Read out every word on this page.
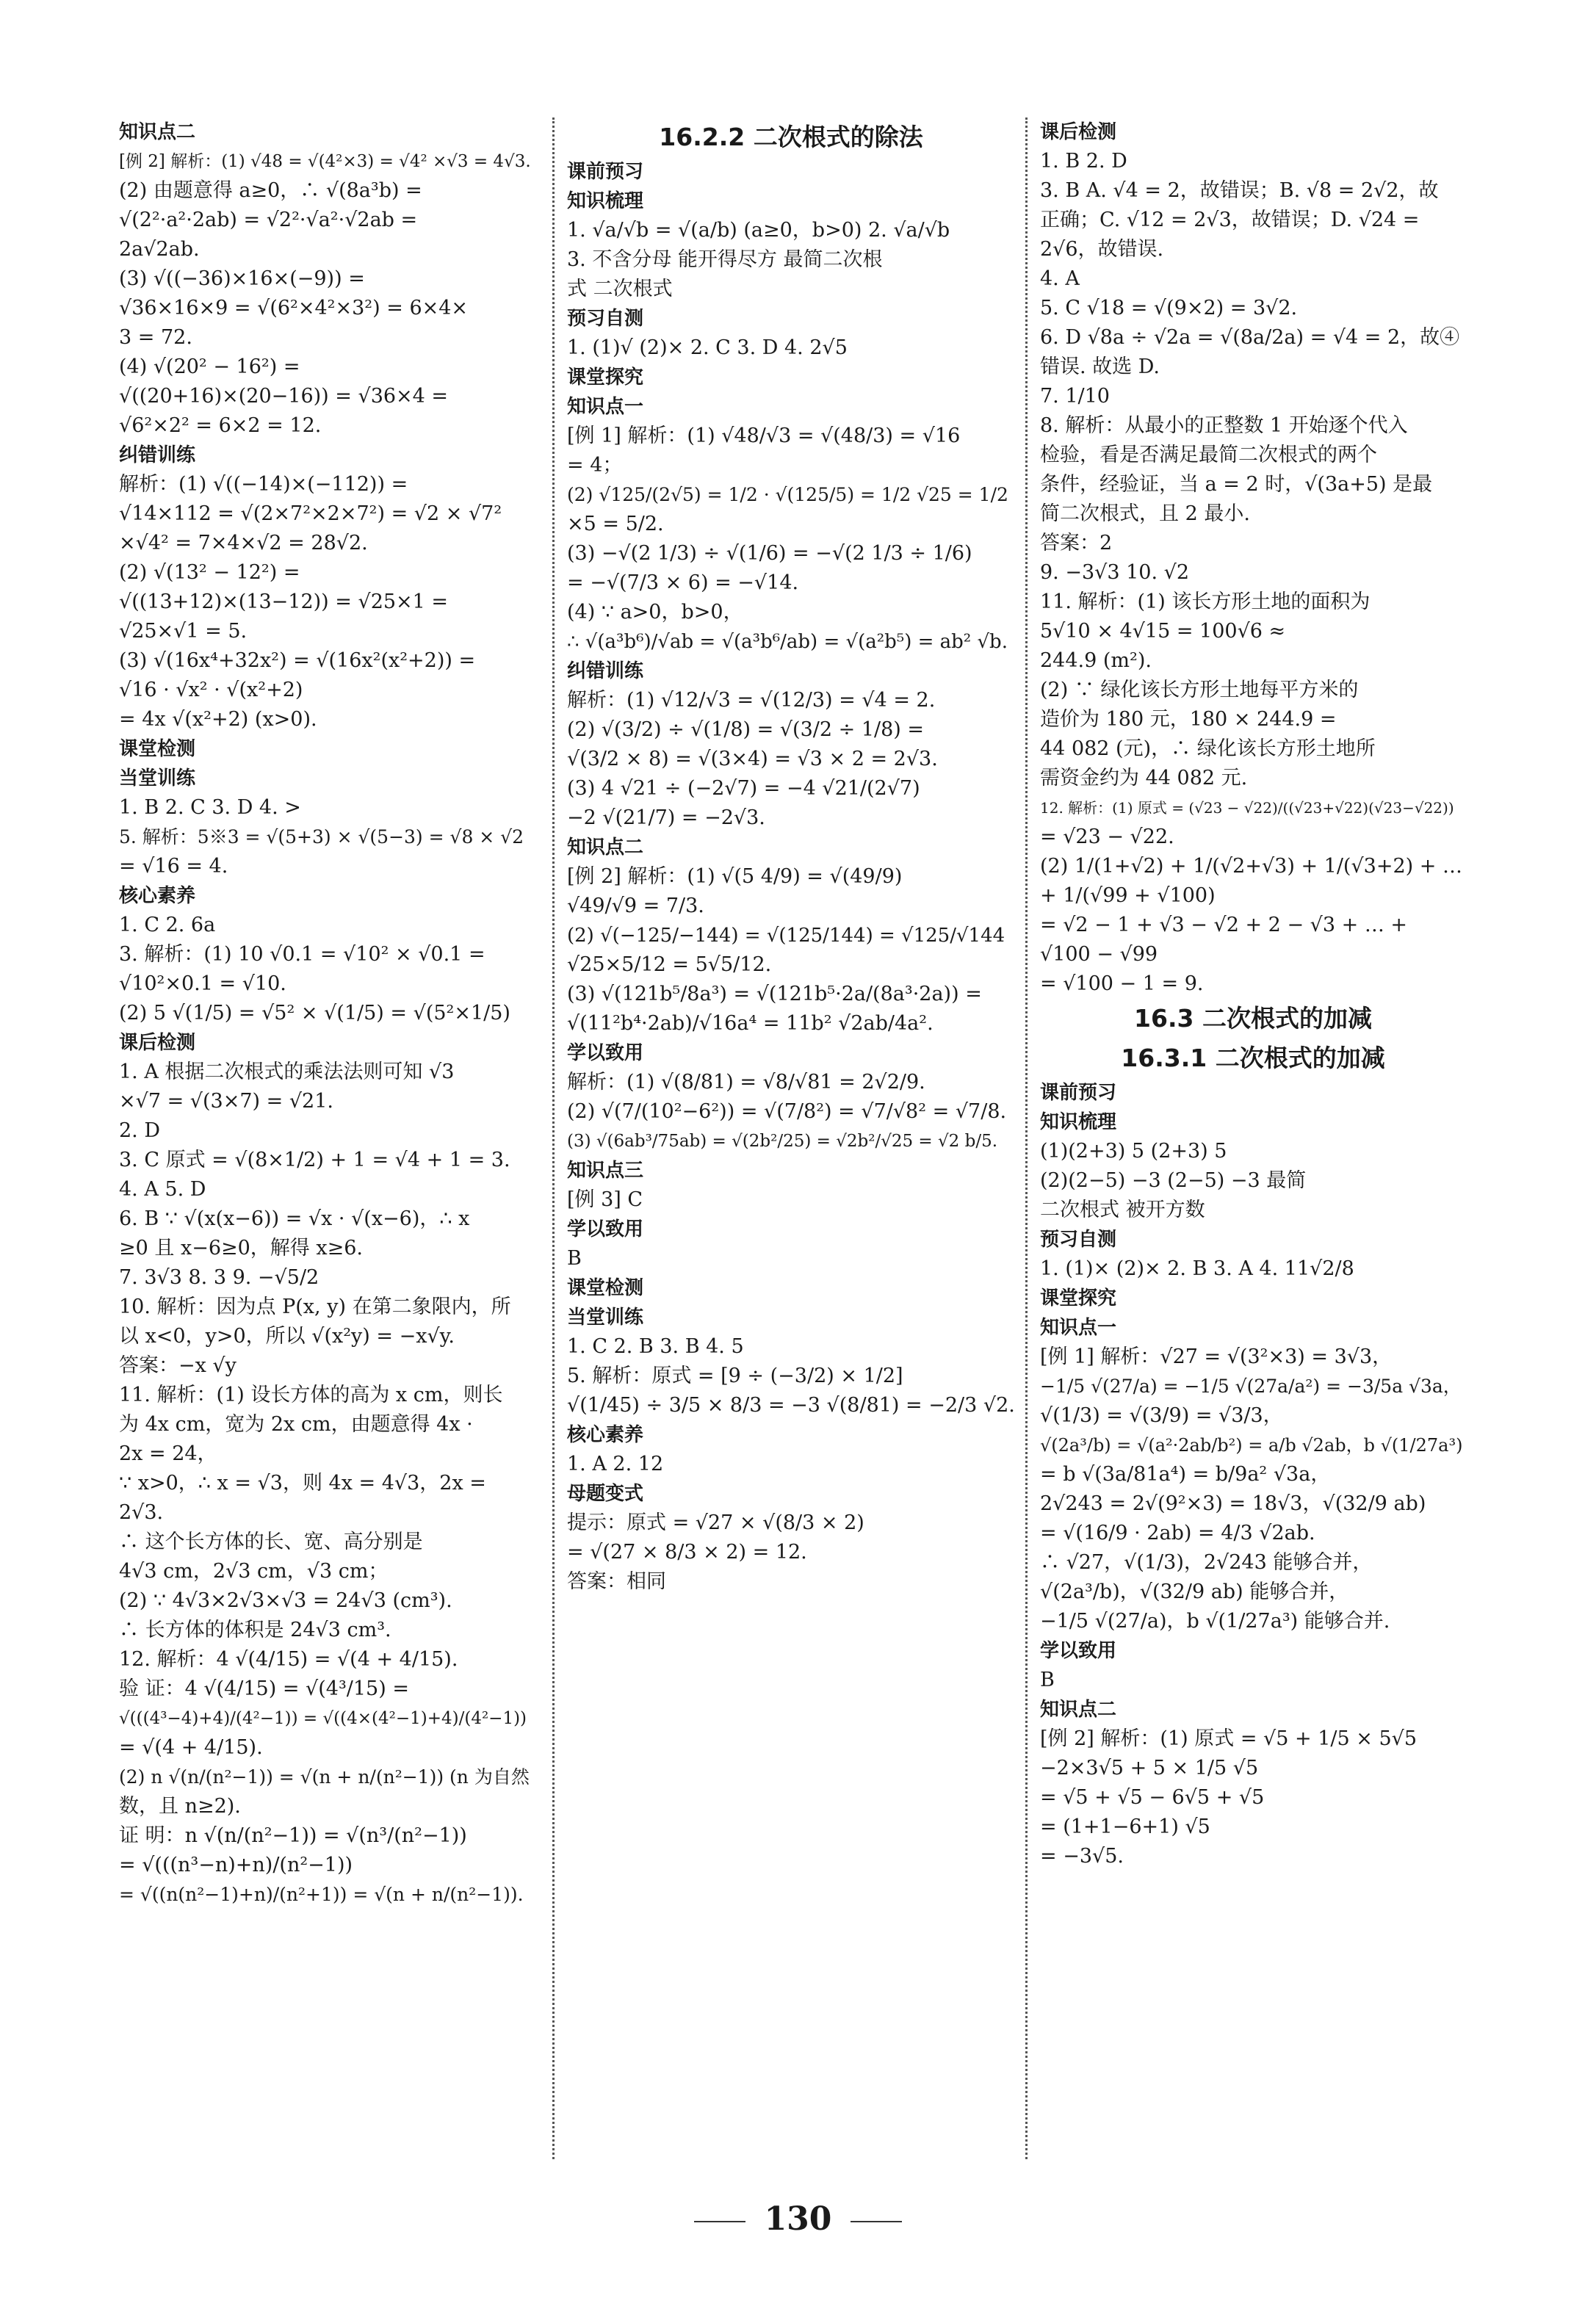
知识点二
[例 2] 解析：(1) √48 = √(4²×3) = √4² ×√3 = 4√3.
(2) 由题意得 a≥0，∴ √(8a³b) =
√(2²·a²·2ab) = √2²·√a²·√2ab =
2a√2ab.
(3) √((−36)×16×(−9)) =
√36×16×9 = √(6²×4²×3²) = 6×4×
3 = 72.
(4) √(20² − 16²) =
√((20+16)×(20−16)) = √36×4 =
√6²×2² = 6×2 = 12.
纠错训练
解析：(1) √((−14)×(−112)) =
√14×112 = √(2×7²×2×7²) = √2 × √7²
×√4² = 7×4×√2 = 28√2.
(2) √(13² − 12²) =
√((13+12)×(13−12)) = √25×1 =
√25×√1 = 5.
(3) √(16x⁴+32x²) = √(16x²(x²+2)) =
√16 · √x² · √(x²+2)
= 4x √(x²+2) (x>0).
课堂检测
当堂训练
1. B 2. C 3. D 4. >
5. 解析：5※3 = √(5+3) × √(5−3) = √8 × √2
= √16 = 4.
核心素养
1. C 2. 6a
3. 解析：(1) 10 √0.1 = √10² × √0.1 =
√10²×0.1 = √10.
(2) 5 √(1/5) = √5² × √(1/5) = √(5²×1/5)
课后检测
1. A 根据二次根式的乘法法则可知 √3
×√7 = √(3×7) = √21.
2. D
3. C 原式 = √(8×1/2) + 1 = √4 + 1 = 3.
4. A 5. D
6. B ∵ √(x(x−6)) = √x · √(x−6)，∴ x
≥0 且 x−6≥0，解得 x≥6.
7. 3√3 8. 3 9. −√5/2
10. 解析：因为点 P(x, y) 在第二象限内，所
以 x<0，y>0，所以 √(x²y) = −x√y.
答案：−x √y
11. 解析：(1) 设长方体的高为 x cm，则长
为 4x cm，宽为 2x cm，由题意得 4x ·
2x = 24，
∵ x>0，∴ x = √3，则 4x = 4√3，2x =
2√3.
∴ 这个长方体的长、宽、高分别是
4√3 cm，2√3 cm，√3 cm；
(2) ∵ 4√3×2√3×√3 = 24√3 (cm³).
∴ 长方体的体积是 24√3 cm³.
12. 解析：4 √(4/15) = √(4 + 4/15).
验 证：4 √(4/15) = √(4³/15) =
√(((4³−4)+4)/(4²−1)) = √((4×(4²−1)+4)/(4²−1))
= √(4 + 4/15).
(2) n √(n/(n²−1)) = √(n + n/(n²−1)) (n 为自然
数，且 n≥2).
证 明：n √(n/(n²−1)) = √(n³/(n²−1))
= √(((n³−n)+n)/(n²−1))
= √((n(n²−1)+n)/(n²+1)) = √(n + n/(n²−1)).
16.2.2 二次根式的除法
课前预习
知识梳理
1. √a/√b = √(a/b) (a≥0，b>0) 2. √a/√b
3. 不含分母 能开得尽方 最简二次根
式 二次根式
预习自测
1. (1)√ (2)× 2. C 3. D 4. 2√5
课堂探究
知识点一
[例 1] 解析：(1) √48/√3 = √(48/3) = √16
= 4；
(2) √125/(2√5) = 1/2 · √(125/5) = 1/2 √25 = 1/2
×5 = 5/2.
(3) −√(2 1/3) ÷ √(1/6) = −√(2 1/3 ÷ 1/6)
= −√(7/3 × 6) = −√14.
(4) ∵ a>0，b>0，
∴ √(a³b⁶)/√ab = √(a³b⁶/ab) = √(a²b⁵) = ab² √b.
纠错训练
解析：(1) √12/√3 = √(12/3) = √4 = 2.
(2) √(3/2) ÷ √(1/8) = √(3/2 ÷ 1/8) =
√(3/2 × 8) = √(3×4) = √3 × 2 = 2√3.
(3) 4 √21 ÷ (−2√7) = −4 √21/(2√7)
−2 √(21/7) = −2√3.
知识点二
[例 2] 解析：(1) √(5 4/9) = √(49/9)
√49/√9 = 7/3.
(2) √(−125/−144) = √(125/144) = √125/√144
√25×5/12 = 5√5/12.
(3) √(121b⁵/8a³) = √(121b⁵·2a/(8a³·2a)) =
√(11²b⁴·2ab)/√16a⁴ = 11b² √2ab/4a².
学以致用
解析：(1) √(8/81) = √8/√81 = 2√2/9.
(2) √(7/(10²−6²)) = √(7/8²) = √7/√8² = √7/8.
(3) √(6ab³/75ab) = √(2b²/25) = √2b²/√25 = √2 b/5.
知识点三
[例 3] C
学以致用
B
课堂检测
当堂训练
1. C 2. B 3. B 4. 5
5. 解析：原式 = [9 ÷ (−3/2) × 1/2]
√(1/45) ÷ 3/5 × 8/3 = −3 √(8/81) = −2/3 √2.
核心素养
1. A 2. 12
母题变式
提示：原式 = √27 × √(8/3 × 2)
= √(27 × 8/3 × 2) = 12.
答案：相同
课后检测
1. B 2. D
3. B A. √4 = 2，故错误；B. √8 = 2√2，故
正确；C. √12 = 2√3，故错误；D. √24 =
2√6，故错误.
4. A
5. C √18 = √(9×2) = 3√2.
6. D √8a ÷ √2a = √(8a/2a) = √4 = 2，故④
错误. 故选 D.
7. 1/10
8. 解析：从最小的正整数 1 开始逐个代入
检验，看是否满足最简二次根式的两个
条件，经验证，当 a = 2 时，√(3a+5) 是最
简二次根式，且 2 最小.
答案：2
9. −3√3 10. √2
11. 解析：(1) 该长方形土地的面积为
5√10 × 4√15 = 100√6 ≈
244.9 (m²).
(2) ∵ 绿化该长方形土地每平方米的
造价为 180 元，180 × 244.9 =
44 082 (元)，∴ 绿化该长方形土地所
需资金约为 44 082 元.
12. 解析：(1) 原式 = (√23 − √22)/((√23+√22)(√23−√22))
= √23 − √22.
(2) 1/(1+√2) + 1/(√2+√3) + 1/(√3+2) + …
+ 1/(√99 + √100)
= √2 − 1 + √3 − √2 + 2 − √3 + … +
√100 − √99
= √100 − 1 = 9.
16.3 二次根式的加减
16.3.1 二次根式的加减
课前预习
知识梳理
(1)(2+3) 5 (2+3) 5
(2)(2−5) −3 (2−5) −3 最简
二次根式 被开方数
预习自测
1. (1)× (2)× 2. B 3. A 4. 11√2/8
课堂探究
知识点一
[例 1] 解析：√27 = √(3²×3) = 3√3，
−1/5 √(27/a) = −1/5 √(27a/a²) = −3/5a √3a，
√(1/3) = √(3/9) = √3/3，
√(2a³/b) = √(a²·2ab/b²) = a/b √2ab，b √(1/27a³)
= b √(3a/81a⁴) = b/9a² √3a，
2√243 = 2√(9²×3) = 18√3，√(32/9 ab)
= √(16/9 · 2ab) = 4/3 √2ab.
∴ √27，√(1/3)，2√243 能够合并，
√(2a³/b)，√(32/9 ab) 能够合并，
−1/5 √(27/a)，b √(1/27a³) 能够合并.
学以致用
B
知识点二
[例 2] 解析：(1) 原式 = √5 + 1/5 × 5√5
−2×3√5 + 5 × 1/5 √5
= √5 + √5 − 6√5 + √5
= (1+1−6+1) √5
= −3√5.
130
